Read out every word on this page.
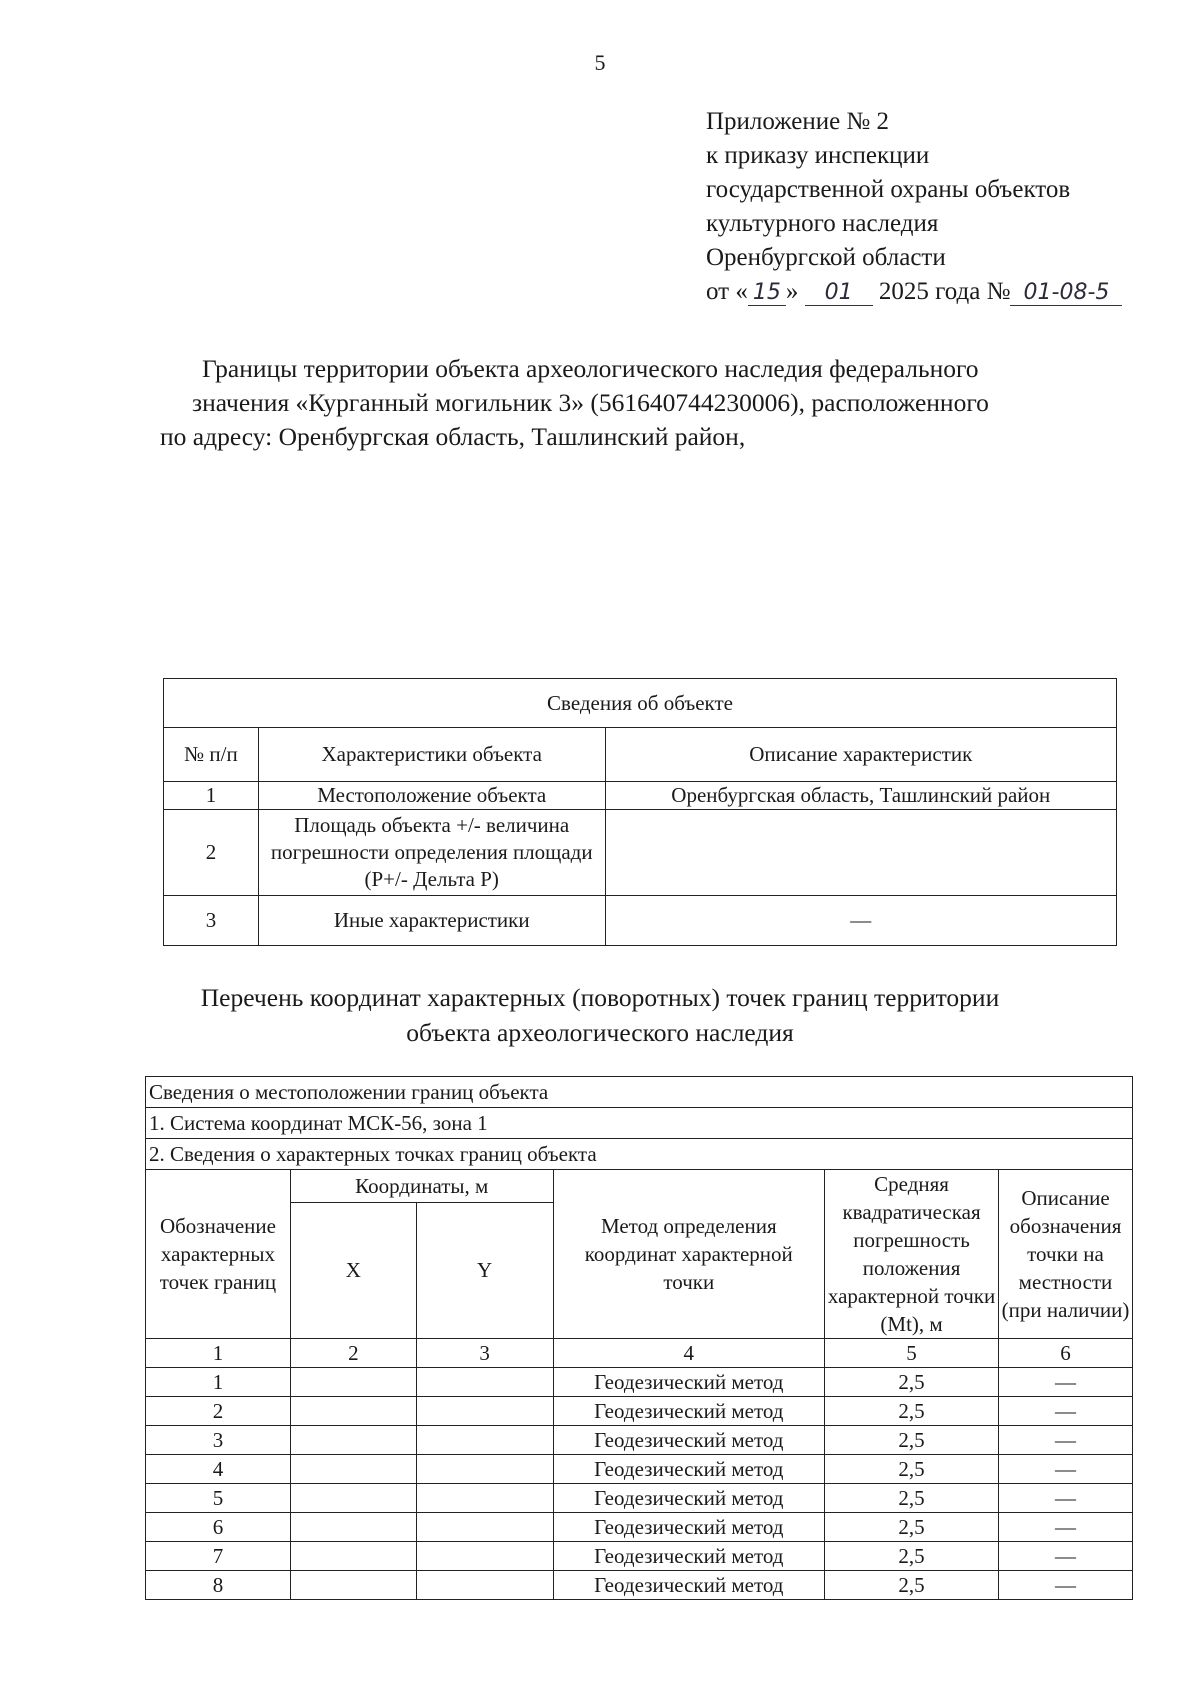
5
Приложение № 2
к приказу инспекции
государственной охраны объектов
культурного наследия
Оренбургской области
от « 15 » 01 2025 года № 01-08-5
Границы территории объекта археологического наследия федерального
значения «Курганный могильник 3» (561640744230006), расположенного
по адресу: Оренбургская область, Ташлинский район,
Сведения об объекте		
№ п/п	Характеристики объекта	Описание характеристик
1	Местоположение объекта	Оренбургская область, Ташлинский район
2	Площадь объекта +/- величина погрешности определения площади (Р+/- Дельта Р)	
3	Иные характеристики	—
Перечень координат характерных (поворотных) точек границ территории
объекта археологического наследия
Сведения о местоположении границ объекта					
1. Система координат МСК-56, зона 1					
2. Сведения о характерных точках границ объекта					
Обозначение характерных точек границ	Координаты, м		Метод определения координат характерной точки	Средняя квадратическая погрешность положения характерной точки (Mt), м	Описание обозначения точки на местности (при наличии)
	X	Y			
1	2	3	4	5	6
1			Геодезический метод	2,5	—
2			Геодезический метод	2,5	—
3			Геодезический метод	2,5	—
4			Геодезический метод	2,5	—
5			Геодезический метод	2,5	—
6			Геодезический метод	2,5	—
7			Геодезический метод	2,5	—
8			Геодезический метод	2,5	—
